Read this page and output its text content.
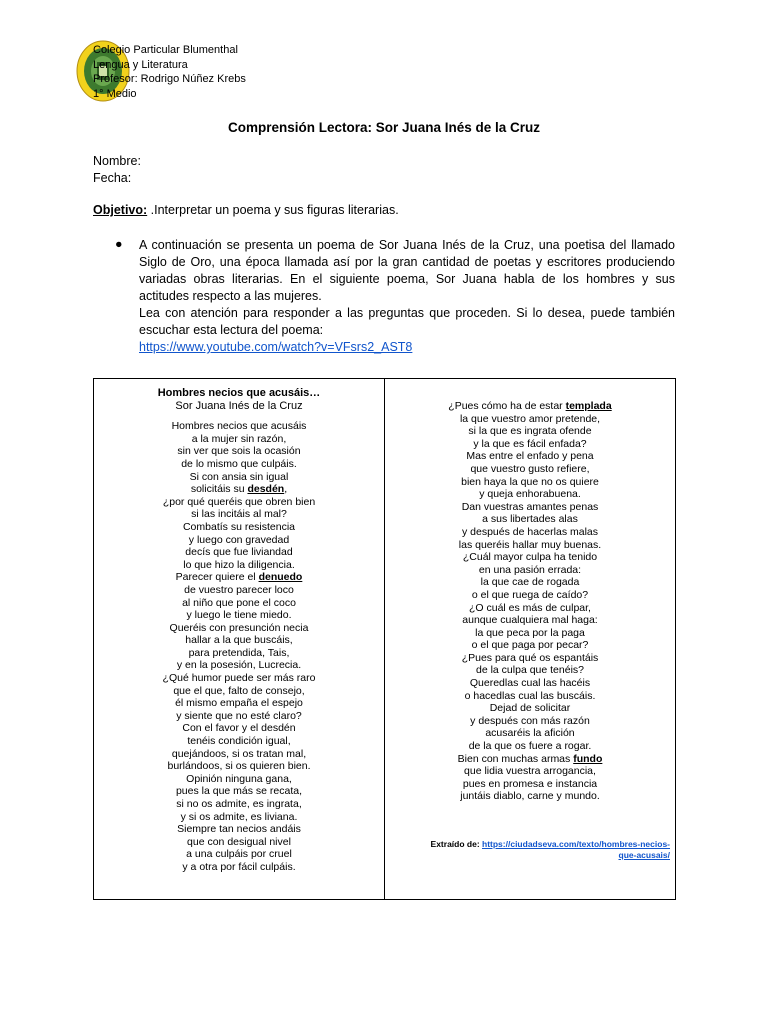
Colegio Particular Blumenthal
Lengua y Literatura
Profesor: Rodrigo Núñez Krebs
1° Medio
Comprensión Lectora: Sor Juana Inés de la Cruz
Nombre:
Fecha:
Objetivo: .Interpretar un poema y sus figuras literarias.
● A continuación se presenta un poema de Sor Juana Inés de la Cruz, una poetisa del llamado Siglo de Oro, una época llamada así por la gran cantidad de poetas y escritores produciendo variadas obras literarias. En el siguiente poema, Sor Juana habla de los hombres y sus actitudes respecto a las mujeres.

Lea con atención para responder a las preguntas que proceden. Si lo desea, puede también escuchar esta lectura del poema:

https://www.youtube.com/watch?v=VFsrs2_AST8
Hombres necios que acusáis…
Sor Juana Inés de la Cruz
Hombres necios que acusáis
a la mujer sin razón,
sin ver que sois la ocasión
de lo mismo que culpáis.
Si con ansia sin igual
solicitáis su desdén,
¿por qué queréis que obren bien
si las incitáis al mal?
Combatís su resistencia
y luego con gravedad
decís que fue liviandad
lo que hizo la diligencia.
Parecer quiere el denuedo
de vuestro parecer loco
al niño que pone el coco
y luego le tiene miedo.
Queréis con presunción necia
hallar a la que buscáis,
para pretendida, Tais,
y en la posesión, Lucrecia.
¿Qué humor puede ser más raro
que el que, falto de consejo,
él mismo empaña el espejo
y siente que no esté claro?
Con el favor y el desdén
tenéis condición igual,
quejándoos, si os tratan mal,
burlándoos, si os quieren bien.
Opinión ninguna gana,
pues la que más se recata,
si no os admite, es ingrata,
y si os admite, es liviana.
Siempre tan necios andáis
que con desigual nivel
a una culpáis por cruel
y a otra por fácil culpáis.
¿Pues cómo ha de estar templada
la que vuestro amor pretende,
si la que es ingrata ofende
y la que es fácil enfada?
Mas entre el enfado y pena
que vuestro gusto refiere,
bien haya la que no os quiere
y queja enhorabuena.
Dan vuestras amantes penas
a sus libertades alas
y después de hacerlas malas
las queréis hallar muy buenas.
¿Cuál mayor culpa ha tenido
en una pasión errada:
la que cae de rogada
o el que ruega de caído?
¿O cuál es más de culpar,
aunque cualquiera mal haga:
la que peca por la paga
o el que paga por pecar?
¿Pues para qué os espantáis
de la culpa que tenéis?
Queredlas cual las hacéis
o hacedlas cual las buscáis.
Dejad de solicitar
y después con más razón
acusaréis la afición
de la que os fuere a rogar.
Bien con muchas armas fundo
que lidia vuestra arrogancia,
pues en promesa e instancia
juntáis diablo, carne y mundo.
Extraído de: https://ciudadseva.com/texto/hombres-necios-
que-acusais/
